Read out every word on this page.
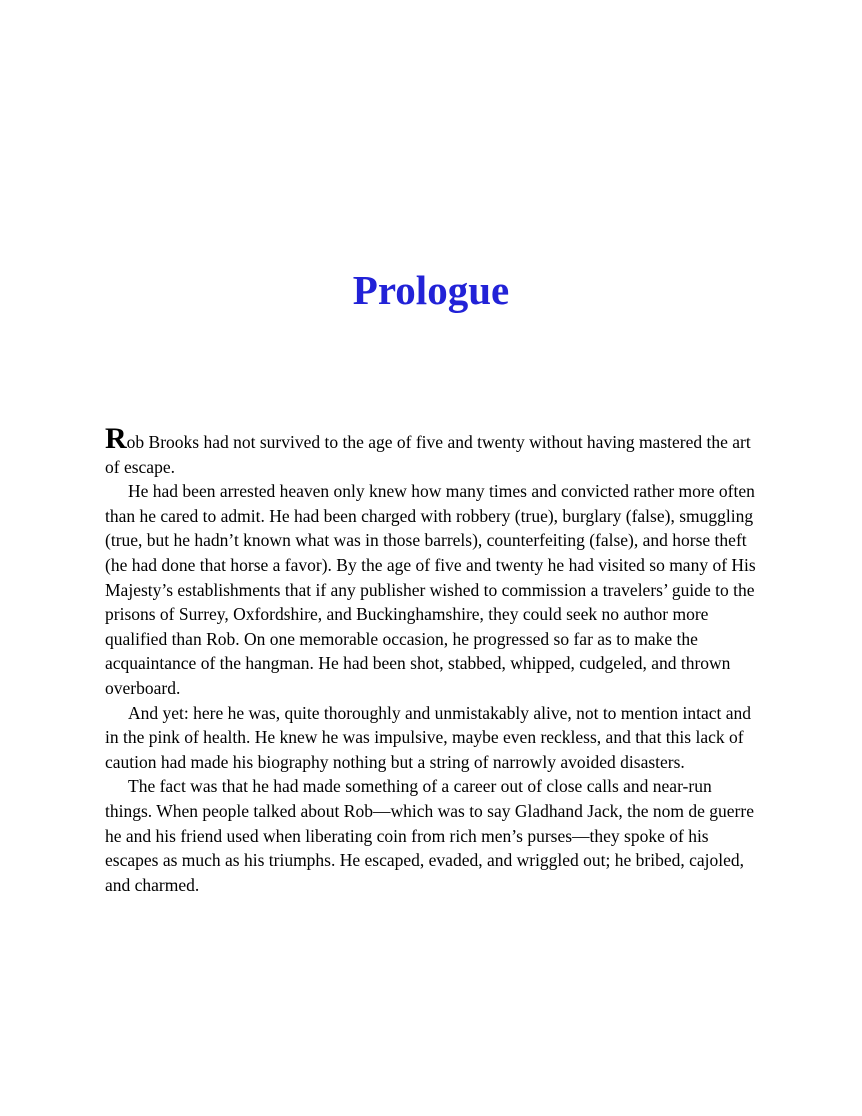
Prologue

Rob Brooks had not survived to the age of five and twenty without having mastered the art of escape.

He had been arrested heaven only knew how many times and convicted rather more often than he cared to admit. He had been charged with robbery (true), burglary (false), smuggling (true, but he hadn’t known what was in those barrels), counterfeiting (false), and horse theft (he had done that horse a favor). By the age of five and twenty he had visited so many of His Majesty’s establishments that if any publisher wished to commission a travelers’ guide to the prisons of Surrey, Oxfordshire, and Buckinghamshire, they could seek no author more qualified than Rob. On one memorable occasion, he progressed so far as to make the acquaintance of the hangman. He had been shot, stabbed, whipped, cudgeled, and thrown overboard.

And yet: here he was, quite thoroughly and unmistakably alive, not to mention intact and in the pink of health. He knew he was impulsive, maybe even reckless, and that this lack of caution had made his biography nothing but a string of narrowly avoided disasters.

The fact was that he had made something of a career out of close calls and near-run things. When people talked about Rob—which was to say Gladhand Jack, the nom de guerre he and his friend used when liberating coin from rich men’s purses—they spoke of his escapes as much as his triumphs. He escaped, evaded, and wriggled out; he bribed, cajoled, and charmed.
